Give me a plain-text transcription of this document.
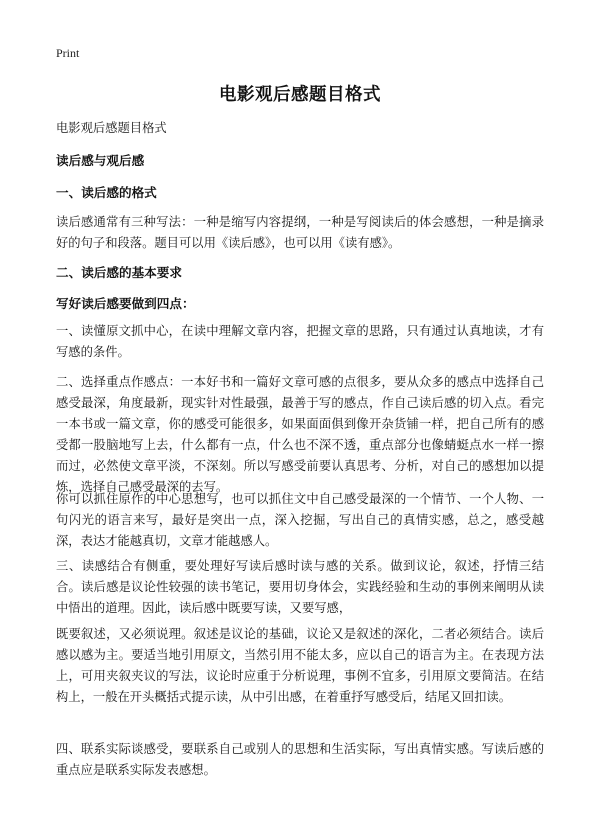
Print
电影观后感题目格式
电影观后感题目格式
读后感与观后感
一、读后感的格式
读后感通常有三种写法：一种是缩写内容提纲，一种是写阅读后的体会感想，一种是摘录好的句子和段落。题目可以用《读后感》，也可以用《读有感》。
二、读后感的基本要求
写好读后感要做到四点：
一、读懂原文抓中心，在读中理解文章内容，把握文章的思路，只有通过认真地读，才有写感的条件。
二、选择重点作感点：一本好书和一篇好文章可感的点很多，要从众多的感点中选择自己感受最深，角度最新，现实针对性最强，最善于写的感点，作自己读后感的切入点。看完一本书或一篇文章，你的感受可能很多，如果面面俱到像开杂货铺一样，把自己所有的感受都一股脑地写上去，什么都有一点，什么也不深不透，重点部分也像蜻蜓点水一样一擦而过，必然使文章平淡，不深刻。所以写感受前要认真思考、分析，对自己的感想加以提炼，选择自己感受最深的去写。
你可以抓住原作的中心思想写，也可以抓住文中自己感受最深的一个情节、一个人物、一句闪光的语言来写，最好是突出一点，深入挖掘，写出自己的真情实感，总之，感受越深，表达才能越真切，文章才能越感人。
三、读感结合有侧重，要处理好写读后感时读与感的关系。做到议论，叙述，抒情三结合。读后感是议论性较强的读书笔记，要用切身体会，实践经验和生动的事例来阐明从读中悟出的道理。因此，读后感中既要写读，又要写感，
既要叙述，又必须说理。叙述是议论的基础，议论又是叙述的深化，二者必须结合。读后感以感为主。要适当地引用原文，当然引用不能太多，应以自己的语言为主。在表现方法上，可用夹叙夹议的写法，议论时应重于分析说理，事例不宜多，引用原文要简洁。在结构上，一般在开头概括式提示读，从中引出感，在着重抒写感受后，结尾又回扣读。
四、联系实际谈感受，要联系自己或别人的思想和生活实际，写出真情实感。写读后感的重点应是联系实际发表感想。
